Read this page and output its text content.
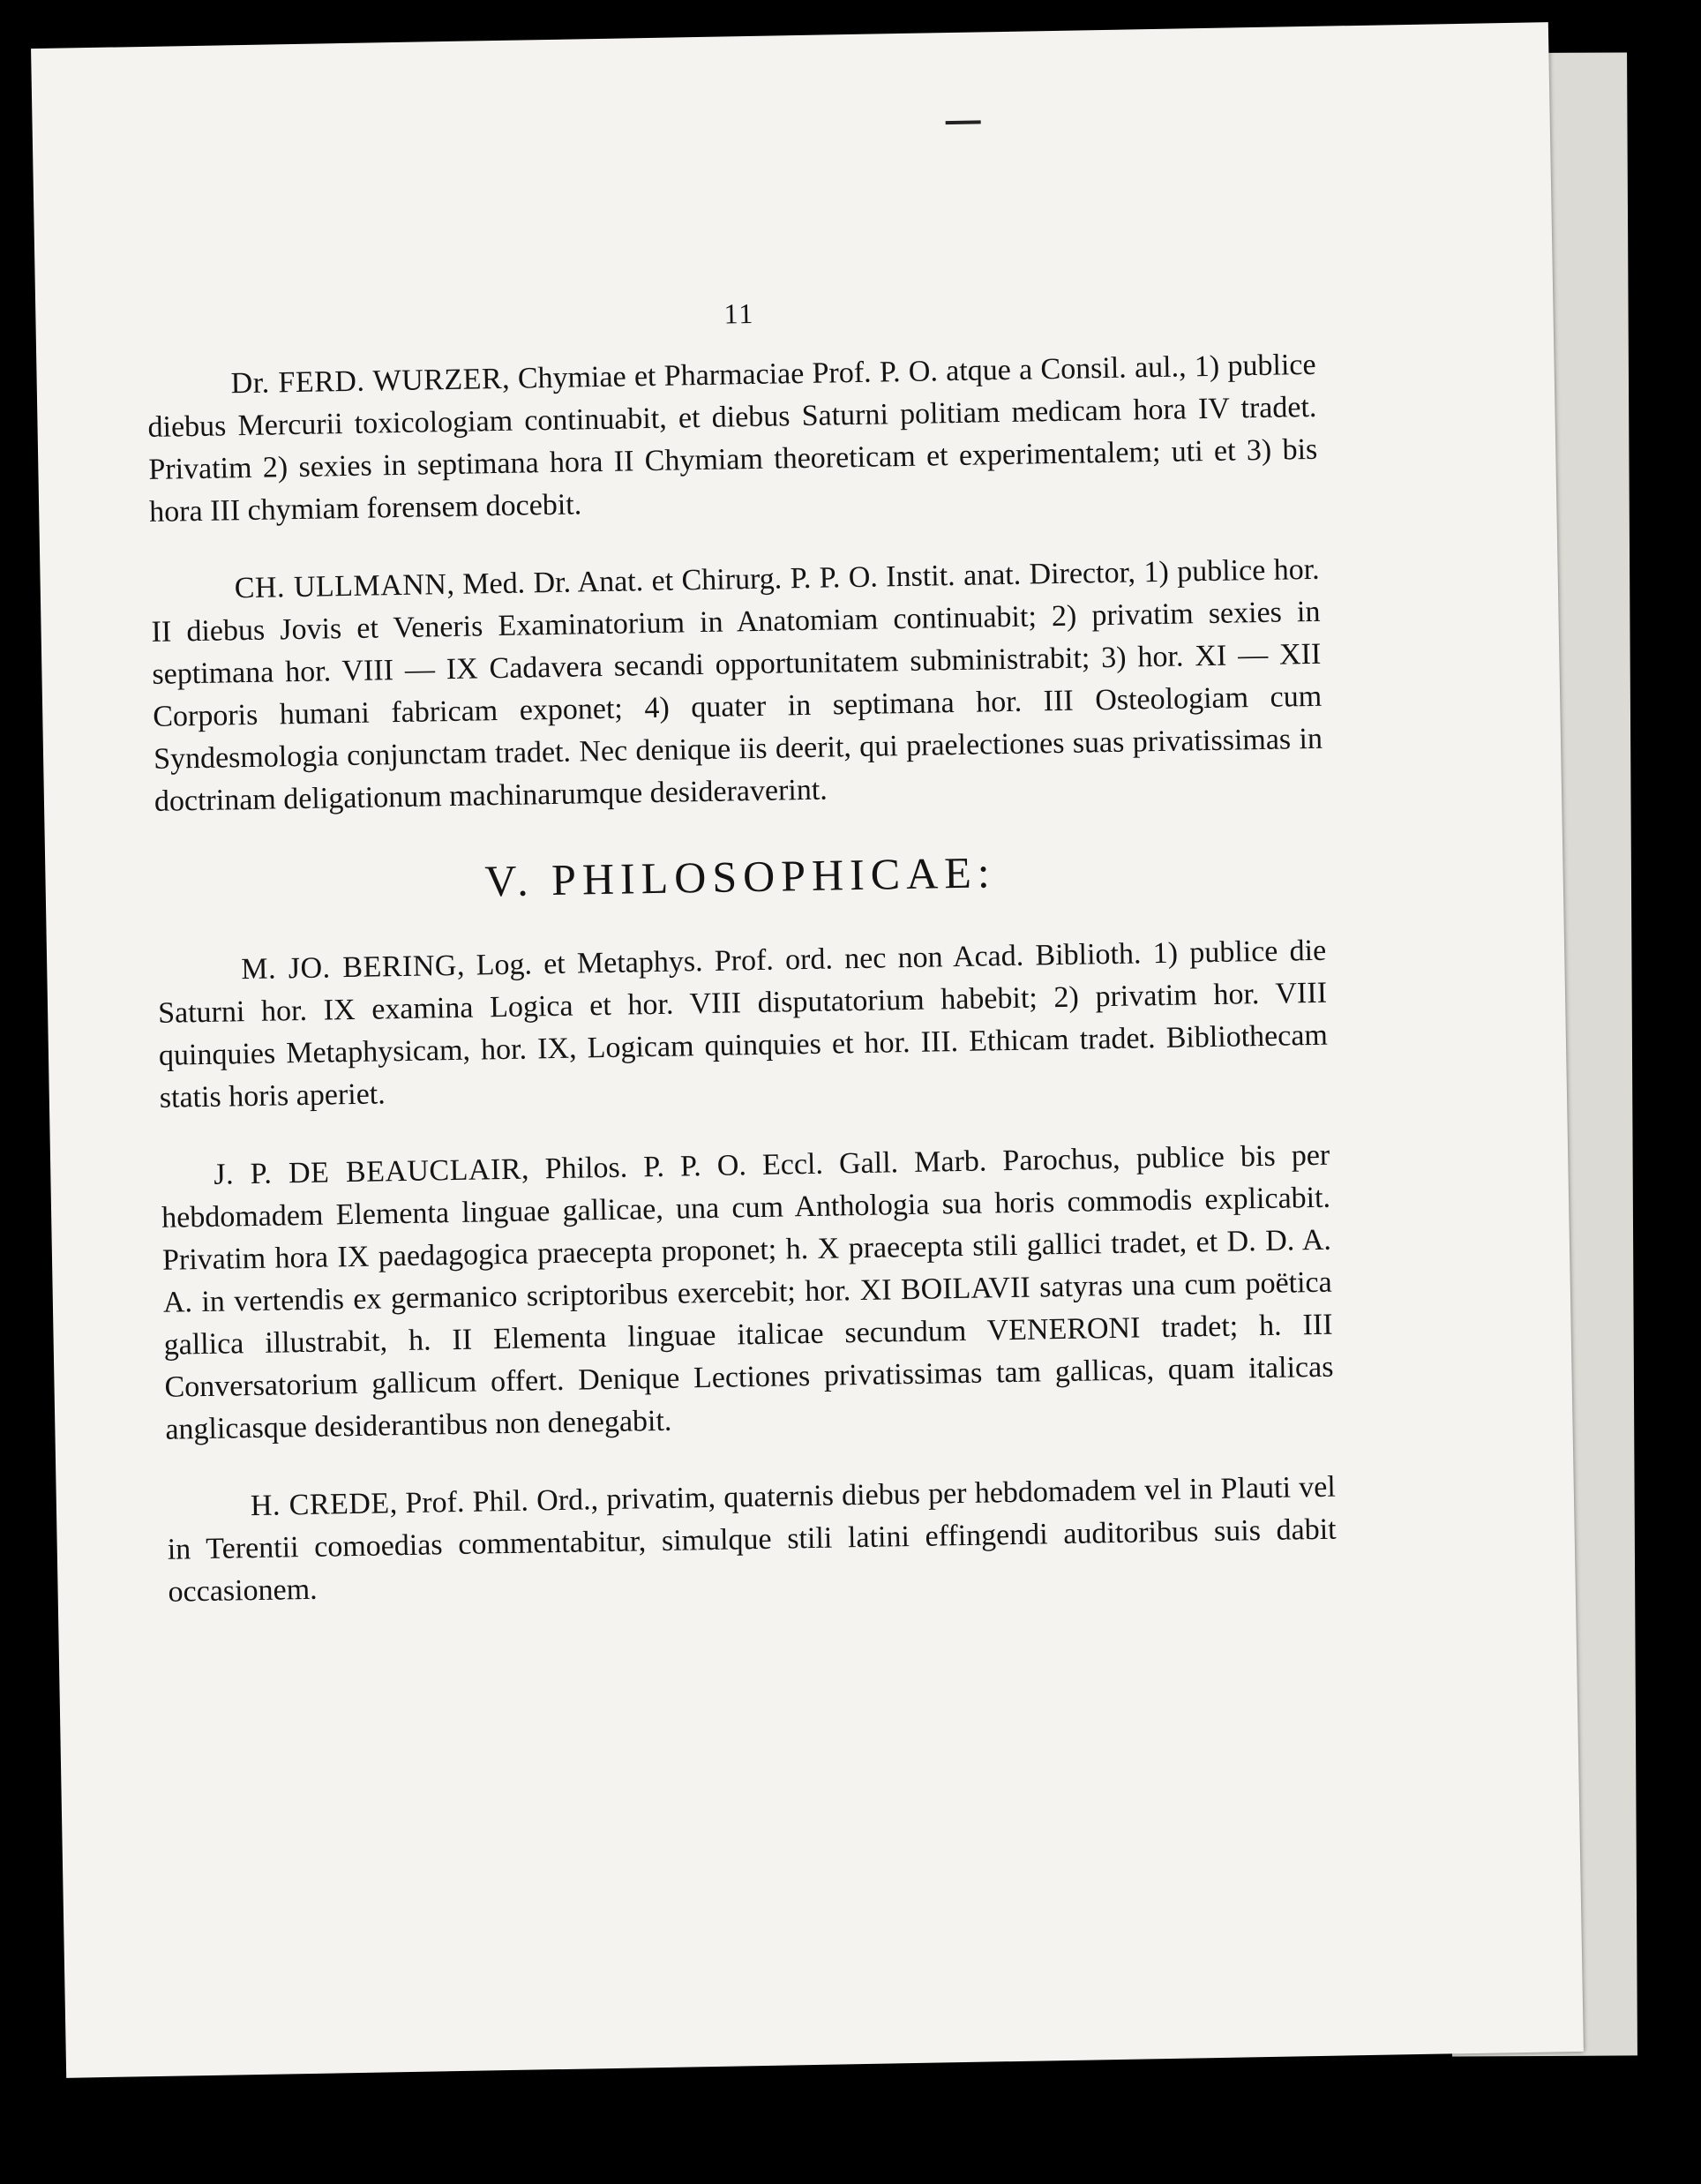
11

Dr. FERD. WURZER, Chymiae et Pharmaciae Prof. P. O. atque a Consil. aul., 1) publice diebus Mercurii toxicologiam continuabit, et diebus Saturni politiam medicam hora IV tradet. Privatim 2) sexies in septimana hora II Chymiam theoreticam et experimentalem; uti et 3) bis hora III chymiam forensem docebit.

CH. ULLMANN, Med. Dr. Anat. et Chirurg. P. P. O. Instit. anat. Director, 1) publice hor. II diebus Jovis et Veneris Examinatorium in Anatomiam continuabit; 2) privatim sexies in septimana hor. VIII — IX Cadavera secandi opportunitatem subministrabit; 3) hor. XI — XII Corporis humani fabricam exponet; 4) quater in septimana hor. III Osteologiam cum Syndesmologia conjunctam tradet. Nec denique iis deerit, qui praelectiones suas privatissimas in doctrinam deligationum machinarumque desideraverint.

V. PHILOSOPHICAE:

M. JO. BERING, Log. et Metaphys. Prof. ord. nec non Acad. Biblioth. 1) publice die Saturni hor. IX examina Logica et hor. VIII disputatorium habebit; 2) privatim hor. VIII quinquies Metaphysicam, hor. IX, Logicam quinquies et hor. III. Ethicam tradet. Bibliothecam statis horis aperiet.

J. P. DE BEAUCLAIR, Philos. P. P. O. Eccl. Gall. Marb. Parochus, publice bis per hebdomadem Elementa linguae gallicae, una cum Anthologia sua horis commodis explicabit. Privatim hora IX paedagogica praecepta proponet; h. X praecepta stili gallici tradet, et D. D. A. A. in vertendis ex germanico scriptoribus exercebit; hor. XI BOILAVII satyras una cum poëtica gallica illustrabit, h. II Elementa linguae italicae secundum VENERONI tradet; h. III Conversatorium gallicum offert. Denique Lectiones privatissimas tam gallicas, quam italicas anglicasque desiderantibus non denegabit.

H. CREDE, Prof. Phil. Ord., privatim, quaternis diebus per hebdomadem vel in Plauti vel in Terentii comoedias commentabitur, simulque stili latini effingendi auditoribus suis dabit occasionem.
